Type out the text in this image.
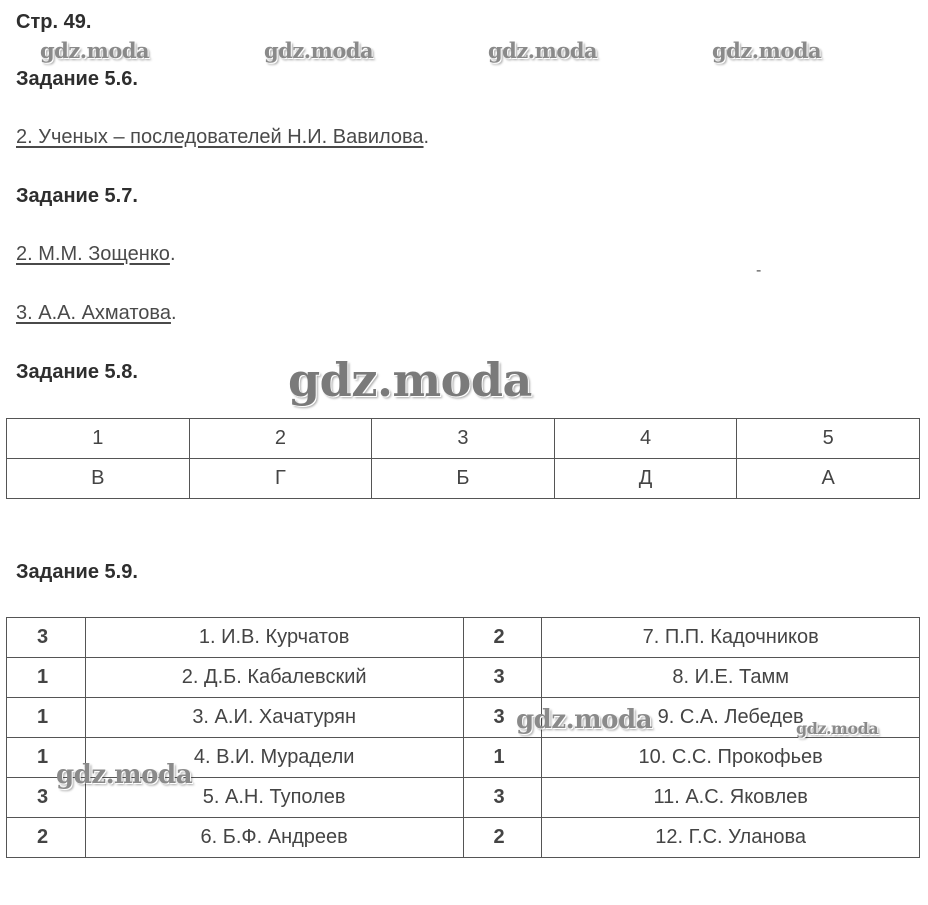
Стр. 49.
gdz.moda	gdz.moda	gdz.moda	gdz.moda
Задание 5.6.
2. Ученых – последователей Н.И. Вавилова.
Задание 5.7.
2. М.М. Зощенко.
-
3. А.А. Ахматова.
Задание 5.8.	gdz.moda
1	2	3	4	5
В	Г	Б	Д	А
Задание 5.9.
3	1. И.В. Курчатов	2	7. П.П. Кадочников
1	2. Д.Б. Кабалевский	3	8. И.Е. Тамм
1	3. А.И. Хачатурян	3	9. С.А. Лебедев
1	4. В.И. Мурадели	1	10. С.С. Прокофьев
3	5. А.Н. Туполев	3	11. А.С. Яковлев
2	6. Б.Ф. Андреев	2	12. Г.С. Уланова
gdz.moda	gdz.moda
gdz.moda
